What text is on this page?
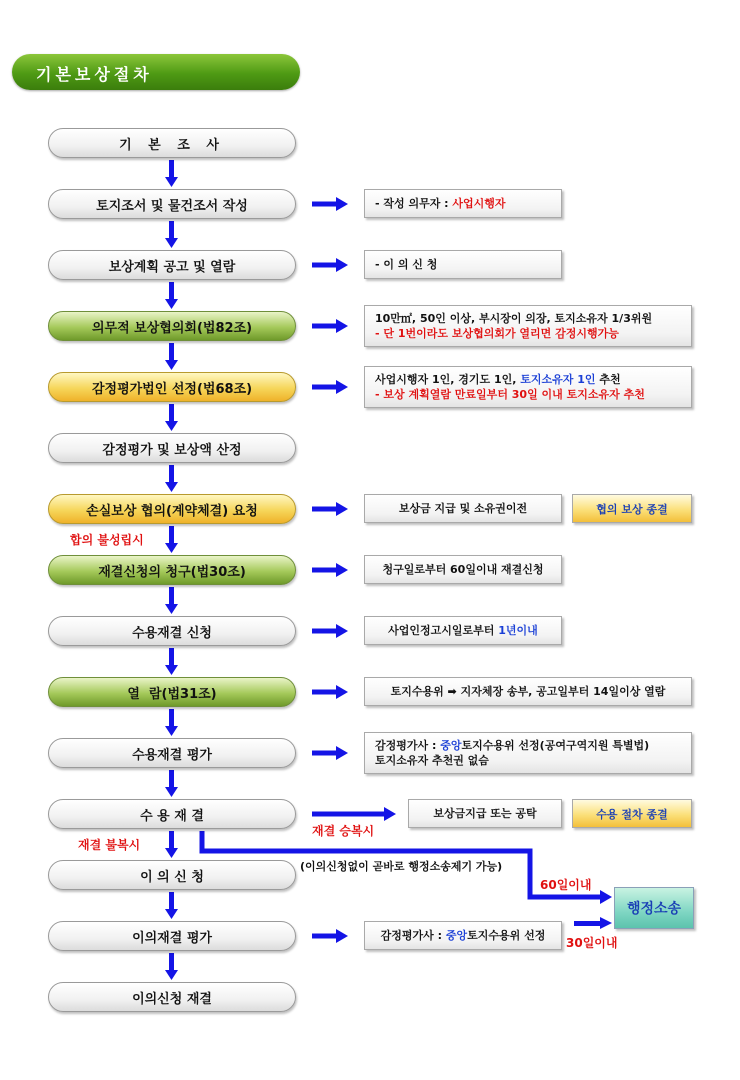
기본보상절차
기 본 조 사
토지조서 및 물건조서 작성
보상계획 공고 및 열람
의무적 보상협의회(법82조)
감정평가법인 선정(법68조)
감정평가 및 보상액 산정
손실보상 협의(계약체결) 요청
재결신청의 청구(법30조)
수용재결 신청
열  람(법31조)
수용재결 평가
수 용 재 결
이 의 신 청
이의재결 평가
이의신청 재결
- 작성 의무자 : 사업시행자
- 이 의 신 청
10만㎡, 50인 이상, 부시장이 의장, 토지소유자 1/3위원
- 단 1번이라도 보상협의회가 열리면 감정시행가능
사업시행자 1인, 경기도 1인, 토지소유자 1인 추천
- 보상 계획열람 만료일부터 30일 이내 토지소유자 추천
보상금 지급 및 소유권이전	협의 보상 종결
청구일로부터 60일이내 재결신청
사업인정고시일로부터 1년이내
토지수용위 ➡ 지자체장 송부, 공고일부터 14일이상 열람
감정평가사 : 중앙토지수용위 선정(공여구역지원 특별법)
토지소유자 추천권 없슴
보상금지급 또는 공탁	수용 절차 종결
감정평가사 : 중앙토지수용위 선정
행정소송
합의 불성립시
재결 승복시
재결 불복시
(이의신청없이 곧바로 행정소송제기 가능)
60일이내
30일이내
